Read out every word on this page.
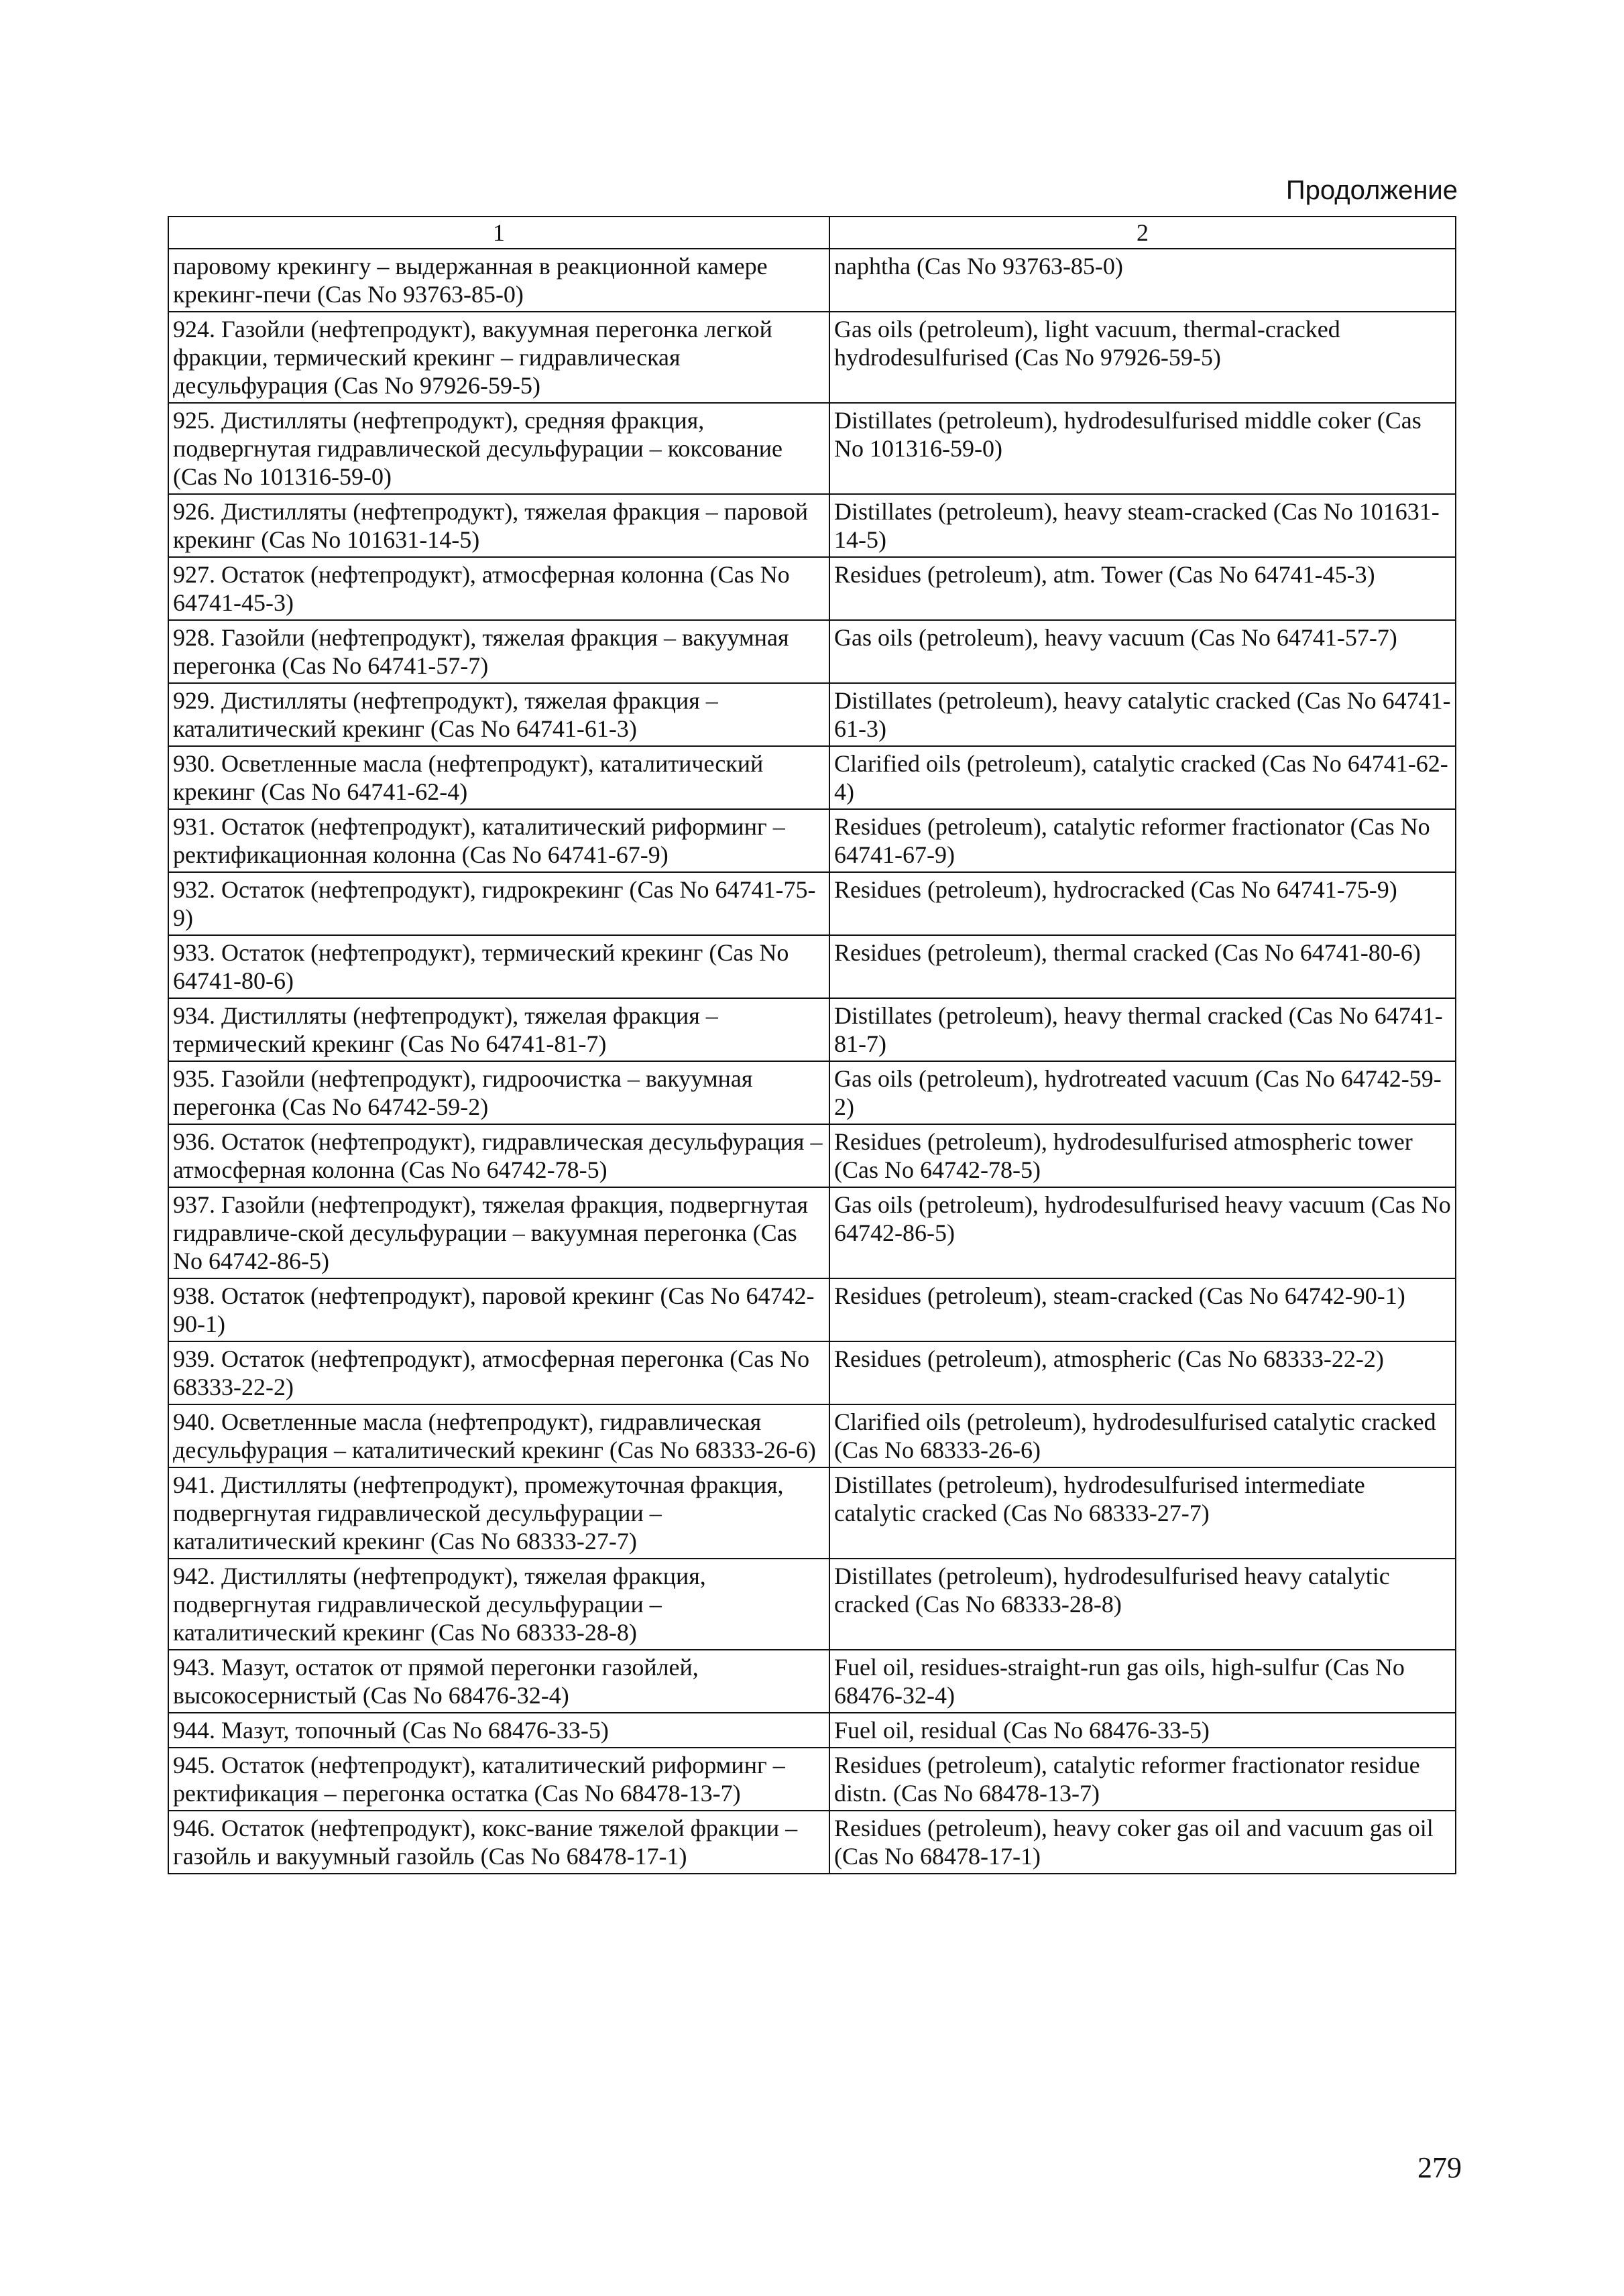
Продолжение
1	2
паровому крекингу – выдержанная в реакционной камере крекинг-печи (Cas No 93763-85-0)	naphtha (Cas No 93763-85-0)
924. Газойли (нефтепродукт), вакуумная перегонка легкой фракции, термический крекинг – гидравлическая десульфурация (Cas No 97926-59-5)	Gas oils (petroleum), light vacuum, thermal-cracked hydrodesulfurised (Cas No 97926-59-5)
925. Дистилляты (нефтепродукт), средняя фракция, подвергнутая гидравлической десульфурации – коксование (Cas No 101316-59-0)	Distillates (petroleum), hydrodesulfurised middle coker (Cas No 101316-59-0)
926. Дистилляты (нефтепродукт), тяжелая фракция – паровой крекинг (Cas No 101631-14-5)	Distillates (petroleum), heavy steam-cracked (Cas No 101631-14-5)
927. Остаток (нефтепродукт), атмосферная колонна (Cas No 64741-45-3)	Residues (petroleum), atm. Tower (Cas No 64741-45-3)
928. Газойли (нефтепродукт), тяжелая фракция – вакуумная перегонка (Cas No 64741-57-7)	Gas oils (petroleum), heavy vacuum (Cas No 64741-57-7)
929. Дистилляты (нефтепродукт), тяжелая фракция – каталитический крекинг (Cas No 64741-61-3)	Distillates (petroleum), heavy catalytic cracked (Cas No 64741-61-3)
930. Осветленные масла (нефтепродукт), каталитический крекинг (Cas No 64741-62-4)	Clarified oils (petroleum), catalytic cracked (Cas No 64741-62-4)
931. Остаток (нефтепродукт), каталитический риформинг – ректификационная колонна (Cas No 64741-67-9)	Residues (petroleum), catalytic reformer fractionator (Cas No 64741-67-9)
932. Остаток (нефтепродукт), гидрокрекинг (Cas No 64741-75-9)	Residues (petroleum), hydrocracked (Cas No 64741-75-9)
933. Остаток (нефтепродукт), термический крекинг (Cas No 64741-80-6)	Residues (petroleum), thermal cracked (Cas No 64741-80-6)
934. Дистилляты (нефтепродукт), тяжелая фракция – термический крекинг (Cas No 64741-81-7)	Distillates (petroleum), heavy thermal cracked (Cas No 64741-81-7)
935. Газойли (нефтепродукт), гидроочистка – вакуумная перегонка (Cas No 64742-59-2)	Gas oils (petroleum), hydrotreated vacuum (Cas No 64742-59-2)
936. Остаток (нефтепродукт), гидравлическая десульфурация – атмосферная колонна (Cas No 64742-78-5)	Residues (petroleum), hydrodesulfurised atmospheric tower (Cas No 64742-78-5)
937. Газойли (нефтепродукт), тяжелая фракция, подвергнутая гидравличе-ской десульфурации – вакуумная перегонка (Cas No 64742-86-5)	Gas oils (petroleum), hydrodesulfurised heavy vacuum (Cas No 64742-86-5)
938. Остаток (нефтепродукт), паровой крекинг (Cas No 64742-90-1)	Residues (petroleum), steam-cracked (Cas No 64742-90-1)
939. Остаток (нефтепродукт), атмосферная перегонка (Cas No 68333-22-2)	Residues (petroleum), atmospheric (Cas No 68333-22-2)
940. Осветленные масла (нефтепродукт), гидравлическая десульфурация – каталитический крекинг (Cas No 68333-26-6)	Clarified oils (petroleum), hydrodesulfurised catalytic cracked (Cas No 68333-26-6)
941. Дистилляты (нефтепродукт), промежуточная фракция, подвергнутая гидравлической десульфурации – каталитический крекинг (Cas No 68333-27-7)	Distillates (petroleum), hydrodesulfurised intermediate catalytic cracked (Cas No 68333-27-7)
942. Дистилляты (нефтепродукт), тяжелая фракция, подвергнутая гидравлической десульфурации – каталитический крекинг (Cas No 68333-28-8)	Distillates (petroleum), hydrodesulfurised heavy catalytic cracked (Cas No 68333-28-8)
943. Мазут, остаток от прямой перегонки газойлей, высокосернистый (Cas No 68476-32-4)	Fuel oil, residues-straight-run gas oils, high-sulfur (Cas No 68476-32-4)
944. Мазут, топочный (Cas No 68476-33-5)	Fuel oil, residual (Cas No 68476-33-5)
945. Остаток (нефтепродукт), каталитический риформинг – ректификация – перегонка остатка (Cas No 68478-13-7)	Residues (petroleum), catalytic reformer fractionator residue distn. (Cas No 68478-13-7)
946. Остаток (нефтепродукт), кокс-вание тяжелой фракции – газойль и вакуумный газойль (Cas No 68478-17-1)	Residues (petroleum), heavy coker gas oil and vacuum gas oil (Cas No 68478-17-1)
279
